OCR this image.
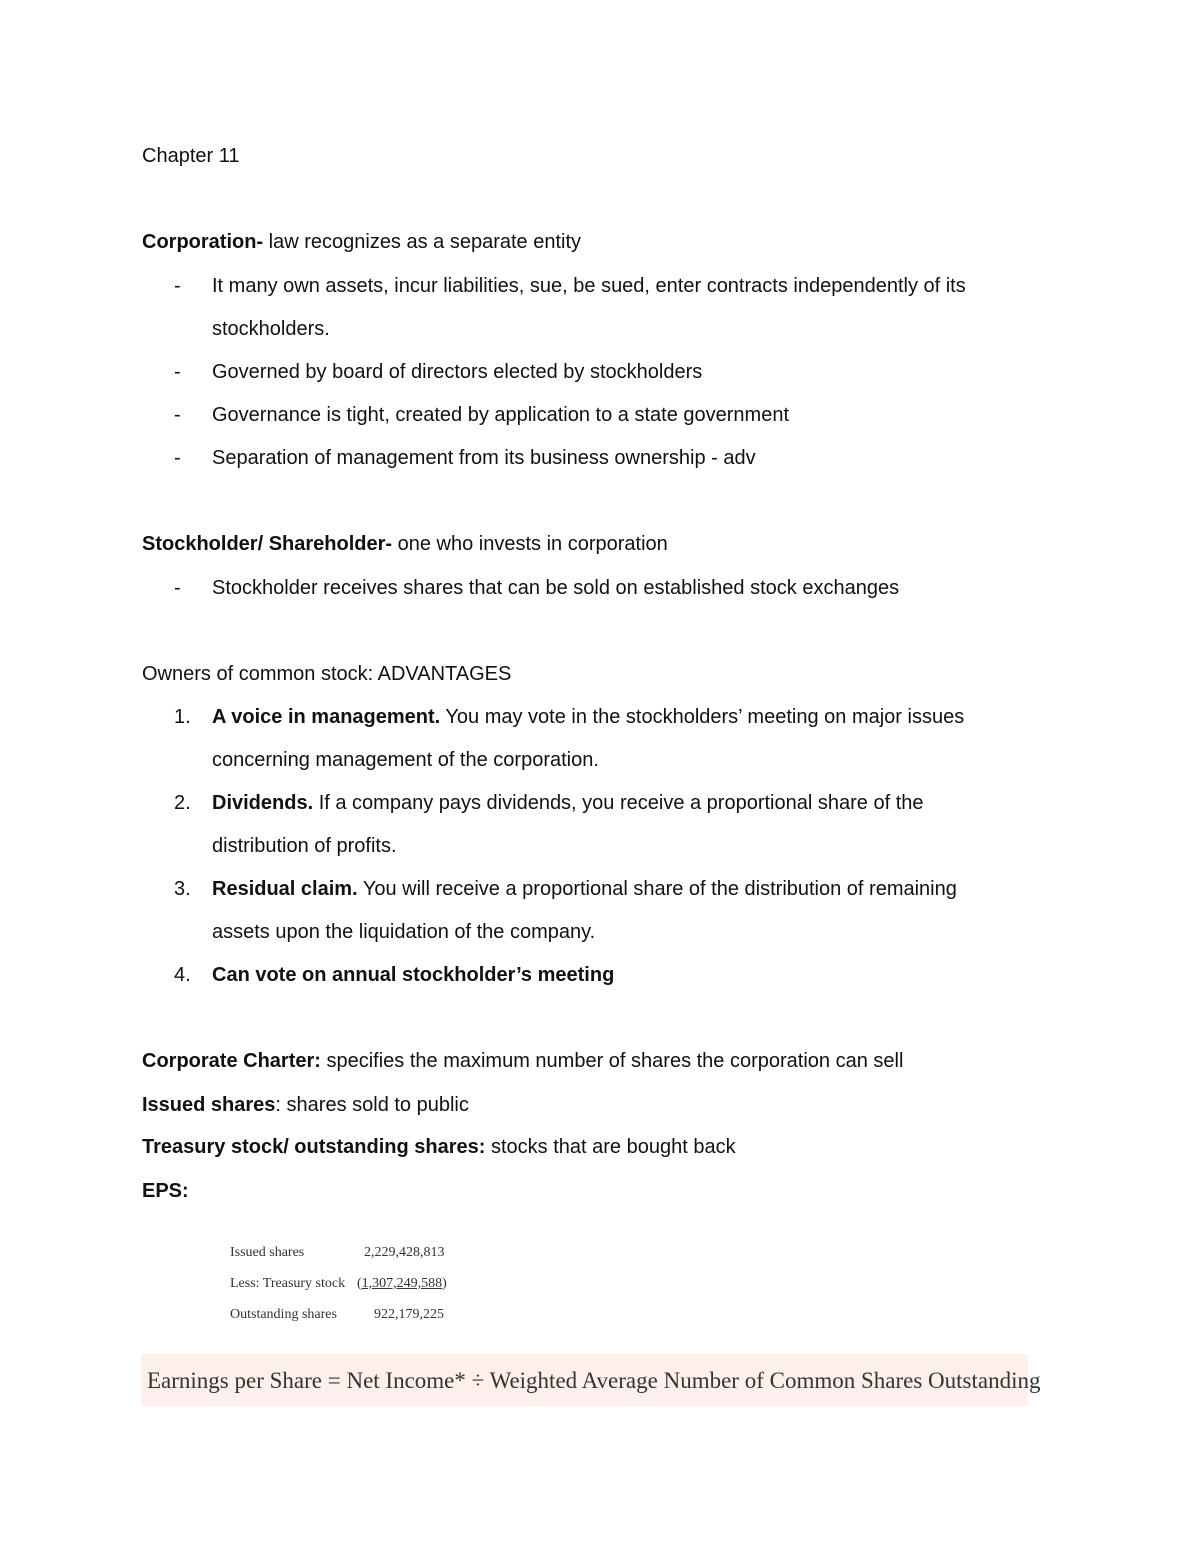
Chapter 11
Corporation- law recognizes as a separate entity
- It many own assets, incur liabilities, sue, be sued, enter contracts independently of its
stockholders.
- Governed by board of directors elected by stockholders
- Governance is tight, created by application to a state government
- Separation of management from its business ownership - adv
Stockholder/ Shareholder- one who invests in corporation
- Stockholder receives shares that can be sold on established stock exchanges
Owners of common stock: ADVANTAGES
1. A voice in management. You may vote in the stockholders’ meeting on major issues
concerning management of the corporation.
2. Dividends. If a company pays dividends, you receive a proportional share of the
distribution of profits.
3. Residual claim. You will receive a proportional share of the distribution of remaining
assets upon the liquidation of the company.
4. Can vote on annual stockholder’s meeting
Corporate Charter: specifies the maximum number of shares the corporation can sell
Issued shares: shares sold to public
Treasury stock/ outstanding shares: stocks that are bought back
EPS:
Issued shares	2,229,428,813
Less: Treasury stock (1,307,249,588)
Outstanding shares	922,179,225
Earnings per Share = Net Income* ÷ Weighted Average Number of Common Shares Outstanding
